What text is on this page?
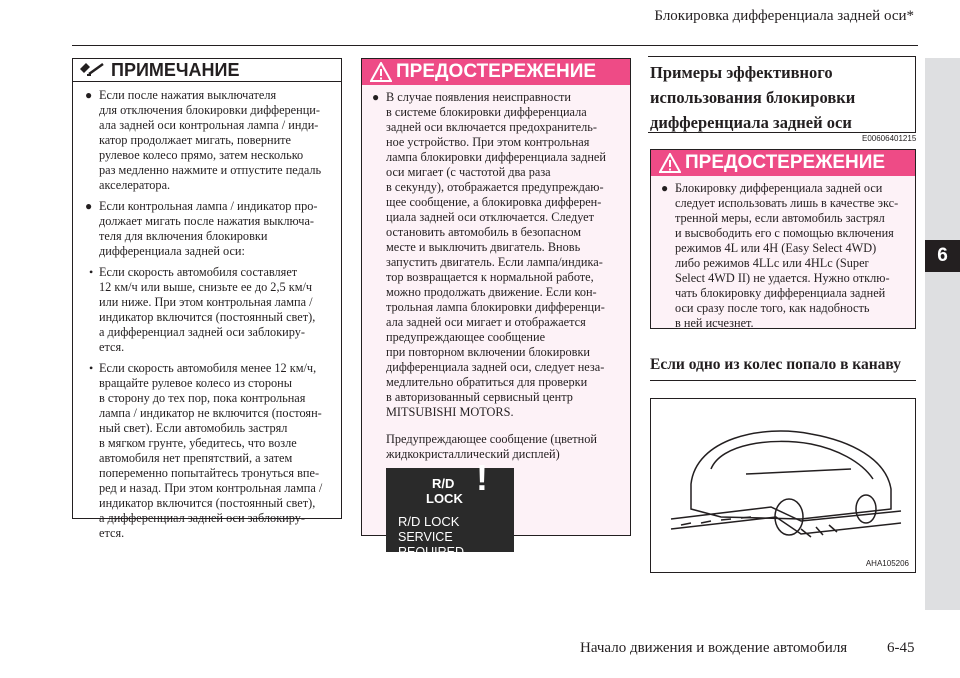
Блокировка дифференциала задней оси*
6
ПРИМЕЧАНИЕ
● Если после нажатия выключателя
для отключения блокировки дифференци-
ала задней оси контрольная лампа / инди-
катор продолжает мигать, поверните
рулевое колесо прямо, затем несколько
раз медленно нажмите и отпустите педаль
акселератора.
● Если контрольная лампа / индикатор про-
должает мигать после нажатия выключа-
теля для включения блокировки
дифференциала задней оси:
• Если скорость автомобиля составляет
12 км/ч или выше, снизьте ее до 2,5 км/ч
или ниже. При этом контрольная лампа /
индикатор включится (постоянный свет),
а дифференциал задней оси заблокиру-
ется.
• Если скорость автомобиля менее 12 км/ч,
вращайте рулевое колесо из стороны
в сторону до тех пор, пока контрольная
лампа / индикатор не включится (постоян-
ный свет). Если автомобиль застрял
в мягком грунте, убедитесь, что возле
автомобиля нет препятствий, а затем
попеременно попытайтесь тронуться впе-
ред и назад. При этом контрольная лампа /
индикатор включится (постоянный свет),
а дифференциал задней оси заблокиру-
ется.
ПРЕДОСТЕРЕЖЕНИЕ
● В случае появления неисправности
в системе блокировки дифференциала
задней оси включается предохранитель-
ное устройство. При этом контрольная
лампа блокировки дифференциала задней
оси мигает (с частотой два раза
в секунду), отображается предупреждаю-
щее сообщение, а блокировка дифферен-
циала задней оси отключается. Следует
остановить автомобиль в безопасном
месте и выключить двигатель. Вновь
запустить двигатель. Если лампа/индика-
тор возвращается к нормальной работе,
можно продолжать движение. Если кон-
трольная лампа блокировки дифференци-
ала задней оси мигает и отображается
предупреждающее сообщение
при повторном включении блокировки
дифференциала задней оси, следует неза-
медлительно обратиться для проверки
в авторизованный сервисный центр
MITSUBISHI MOTORS.
Предупреждающее сообщение (цветной
жидкокристаллический дисплей)
R/D
LOCK
!
R/D LOCK
SERVICE REQUIRED
Примеры эффективного
использования блокировки
дифференциала задней оси
E00606401215
ПРЕДОСТЕРЕЖЕНИЕ
● Блокировку дифференциала задней оси
следует использовать лишь в качестве экс-
тренной меры, если автомобиль застрял
и высвободить его с помощью включения
режимов 4L или 4H (Easy Select 4WD)
либо режимов 4LLc или 4HLc (Super
Select 4WD II) не удается. Нужно отклю-
чать блокировку дифференциала задней
оси сразу после того, как надобность
в ней исчезнет.
Если одно из колес попало в канаву
AHA105206
Начало движения и вождение автомобиля	6-45
